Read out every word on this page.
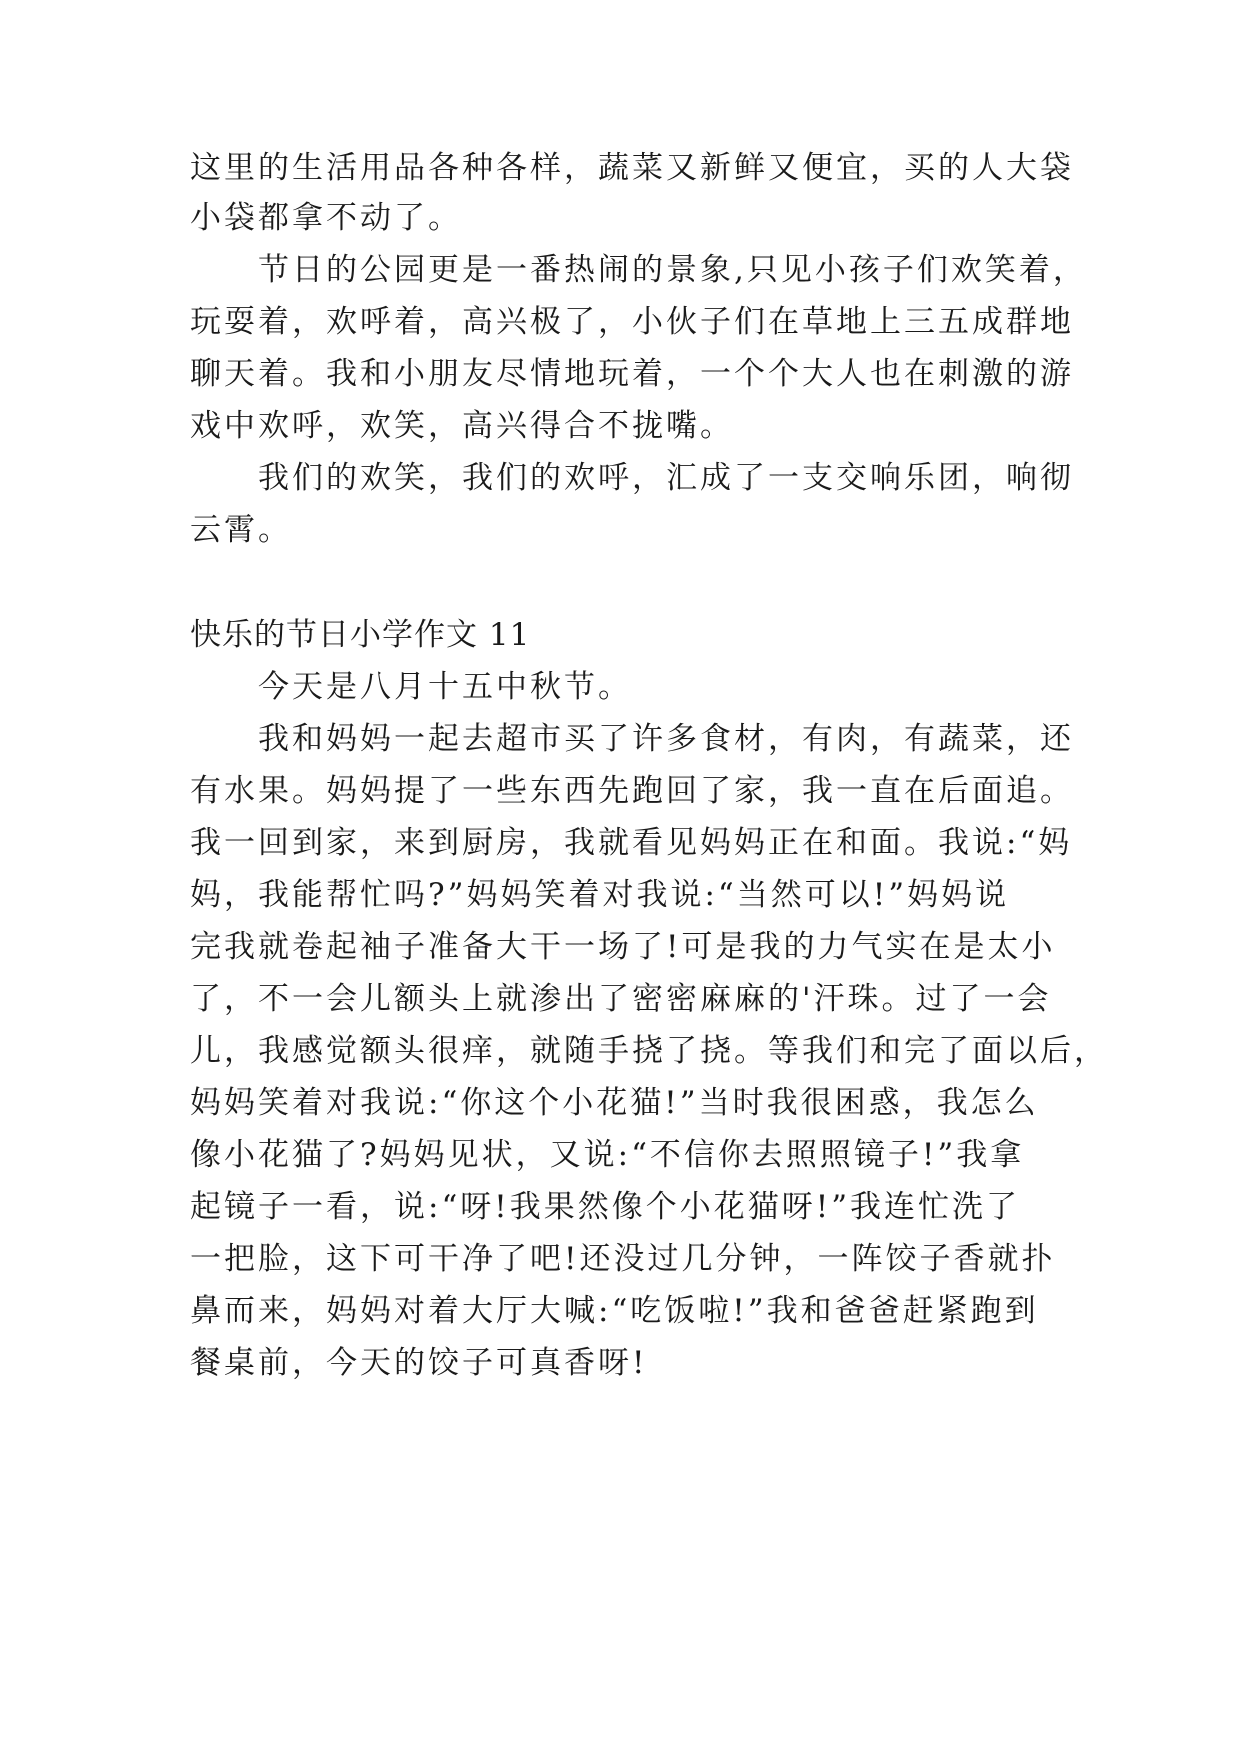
这里的生活用品各种各样，蔬菜又新鲜又便宜，买的人大袋
小袋都拿不动了。
节日的公园更是一番热闹的景象,只见小孩子们欢笑着，
玩耍着，欢呼着，高兴极了，小伙子们在草地上三五成群地
聊天着。我和小朋友尽情地玩着，一个个大人也在刺激的游
戏中欢呼，欢笑，高兴得合不拢嘴。
我们的欢笑，我们的欢呼，汇成了一支交响乐团，响彻
云霄。
快乐的节日小学作文 11
今天是八月十五中秋节。
我和妈妈一起去超市买了许多食材，有肉，有蔬菜，还
有水果。妈妈提了一些东西先跑回了家，我一直在后面追。
我一回到家，来到厨房，我就看见妈妈正在和面。我说:“妈
妈，我能帮忙吗?”妈妈笑着对我说:“当然可以!”妈妈说
完我就卷起袖子准备大干一场了!可是我的力气实在是太小
了，不一会儿额头上就渗出了密密麻麻的'汗珠。过了一会
儿，我感觉额头很痒，就随手挠了挠。等我们和完了面以后，
妈妈笑着对我说:“你这个小花猫!”当时我很困惑，我怎么
像小花猫了?妈妈见状，又说:“不信你去照照镜子!”我拿
起镜子一看，说:“呀!我果然像个小花猫呀!”我连忙洗了
一把脸，这下可干净了吧!还没过几分钟，一阵饺子香就扑
鼻而来，妈妈对着大厅大喊:“吃饭啦!”我和爸爸赶紧跑到
餐桌前，今天的饺子可真香呀!
